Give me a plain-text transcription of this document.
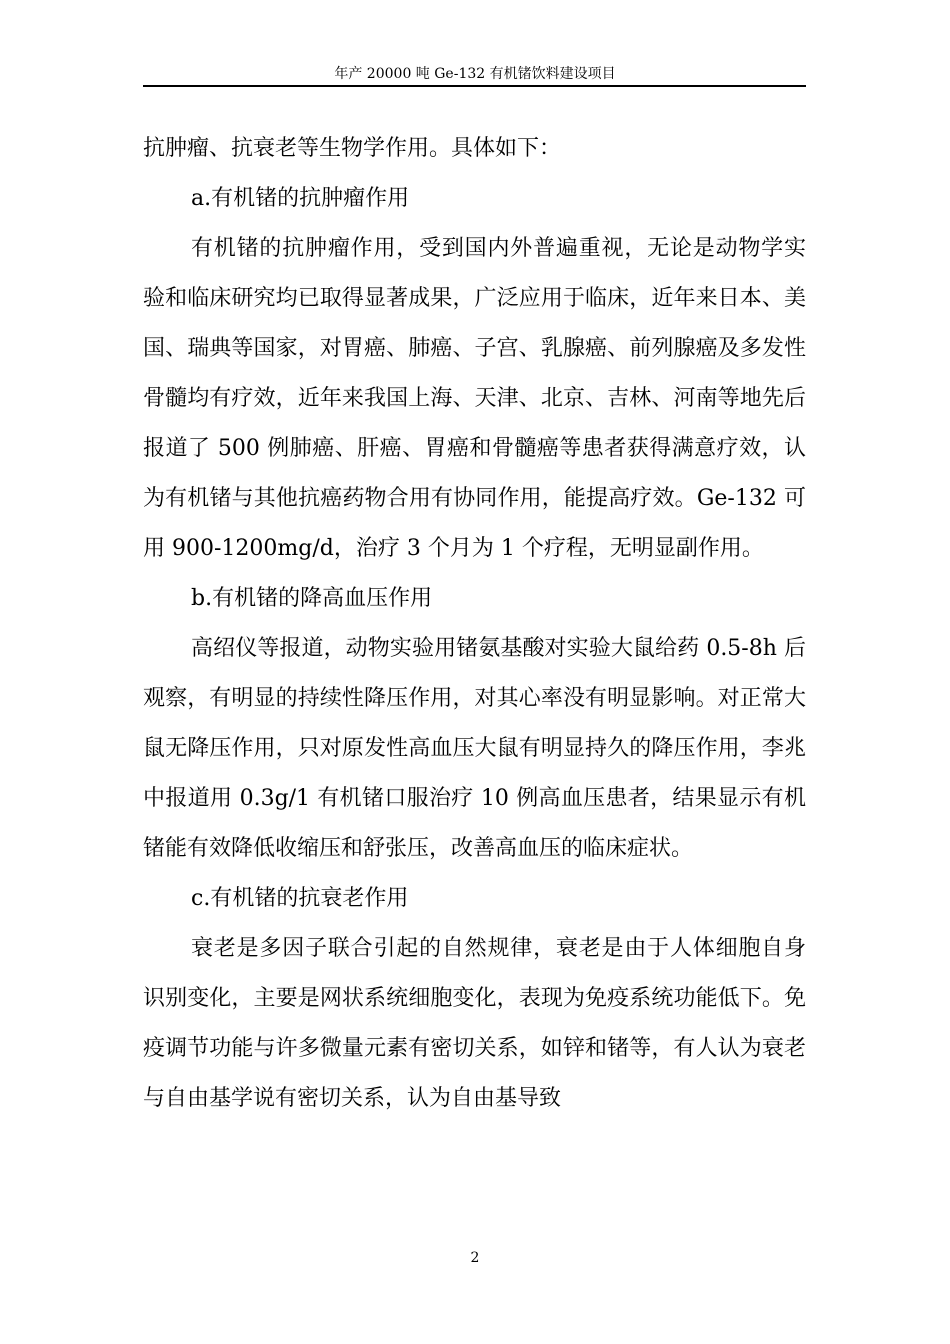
年产 20000 吨 Ge-132 有机锗饮料建设项目

抗肿瘤、抗衰老等生物学作用。具体如下：

a.有机锗的抗肿瘤作用

有机锗的抗肿瘤作用，受到国内外普遍重视，无论是动物学实验和临床研究均已取得显著成果，广泛应用于临床，近年来日本、美国、瑞典等国家，对胃癌、肺癌、子宫、乳腺癌、前列腺癌及多发性骨髓均有疗效，近年来我国上海、天津、北京、吉林、河南等地先后报道了 500 例肺癌、肝癌、胃癌和骨髓癌等患者获得满意疗效，认为有机锗与其他抗癌药物合用有协同作用，能提高疗效。Ge-132 可用 900-1200mg/d，治疗 3 个月为 1 个疗程，无明显副作用。

b.有机锗的降高血压作用

高绍仪等报道，动物实验用锗氨基酸对实验大鼠给药 0.5-8h 后观察，有明显的持续性降压作用，对其心率没有明显影响。对正常大鼠无降压作用，只对原发性高血压大鼠有明显持久的降压作用，李兆中报道用 0.3g/1 有机锗口服治疗 10 例高血压患者，结果显示有机锗能有效降低收缩压和舒张压，改善高血压的临床症状。

c.有机锗的抗衰老作用

衰老是多因子联合引起的自然规律，衰老是由于人体细胞自身识别变化，主要是网状系统细胞变化，表现为免疫系统功能低下。免疫调节功能与许多微量元素有密切关系，如锌和锗等，有人认为衰老与自由基学说有密切关系，认为自由基导致

2
